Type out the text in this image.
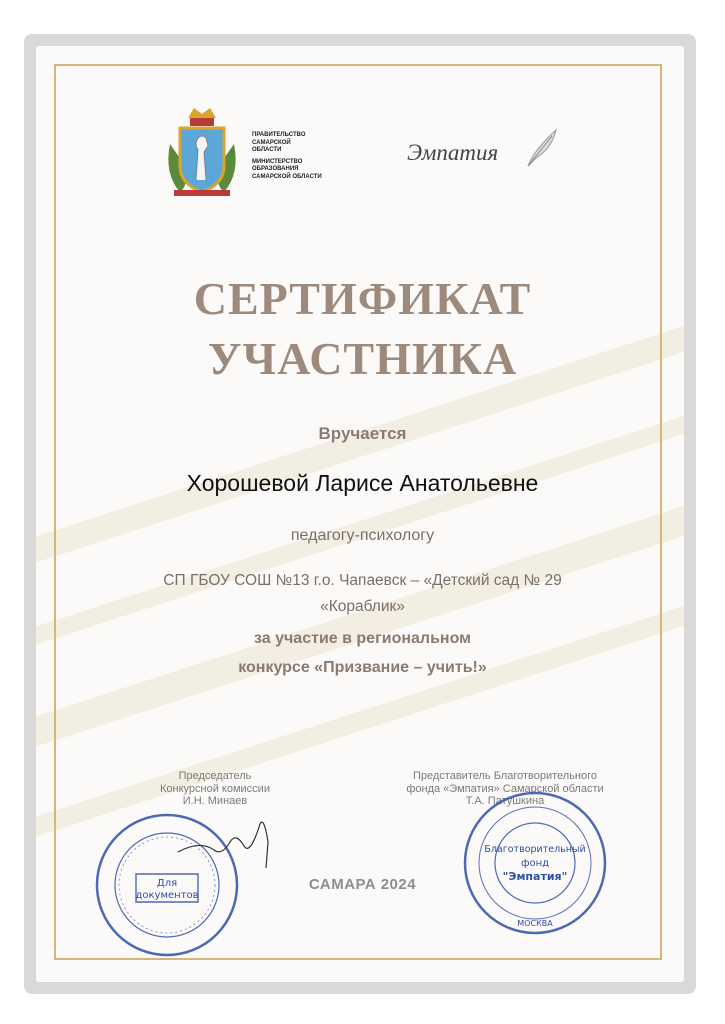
ПРАВИТЕЛЬСТВО
САМАРСКОЙ
ОБЛАСТИ
МИНИСТЕРСТВО
ОБРАЗОВАНИЯ
САМАРСКОЙ ОБЛАСТИ
Эмпатия
СЕРТИФИКАТ
УЧАСТНИКА
Вручается
Хорошевой Ларисе Анатольевне
педагогу-психологу
СП ГБОУ СОШ №13 г.о. Чапаевск – «Детский сад № 29
«Кораблик»
за участие в региональном
конкурсе «Призвание – учить!»
Председатель
Конкурсной комиссии
И.Н. Минаев
Представитель Благотворительного
фонда «Эмпатия» Самарской области
Т.А. Патушкина
САМАРА 2024
Для
документов
Благотворительный
фонд
"Эмпатия"
МОСКВА
